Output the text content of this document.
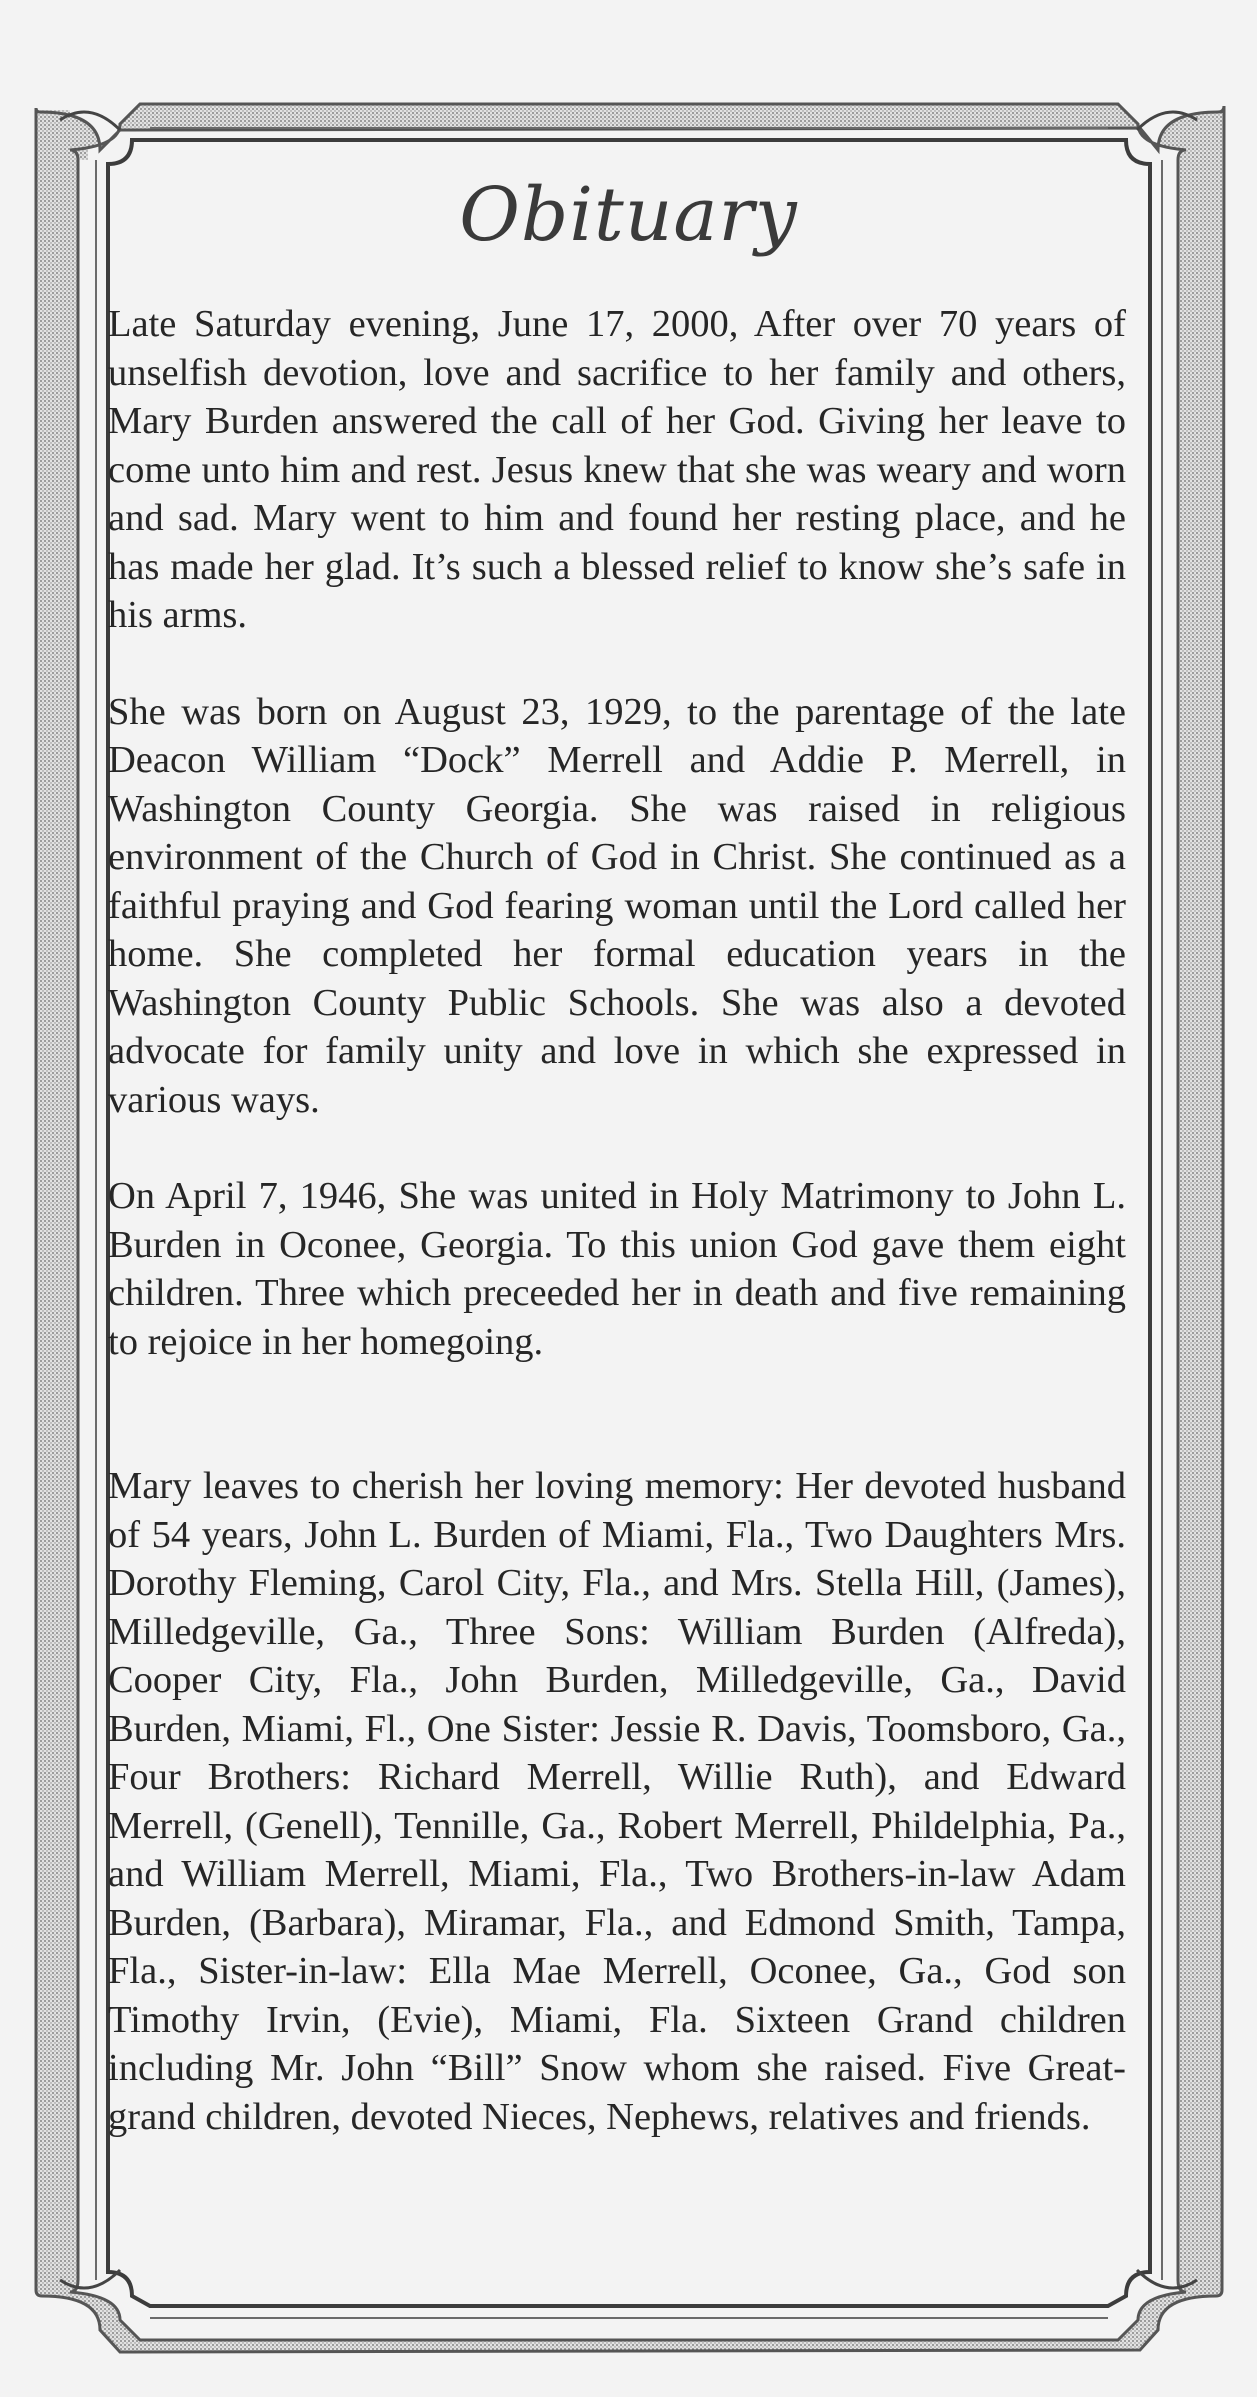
Obituary

Late Saturday evening, June 17, 2000, After over 70 years of unselfish devotion, love and sacrifice to her family and others, Mary Burden answered the call of her God. Giving her leave to come unto him and rest. Jesus knew that she was weary and worn and sad. Mary went to him and found her resting place, and he has made her glad. It’s such a blessed relief to know she’s safe in his arms.

She was born on August 23, 1929, to the parentage of the late Deacon William “Dock” Merrell and Addie P. Merrell, in Washington County Georgia. She was raised in religious environment of the Church of God in Christ. She continued as a faithful praying and God fearing woman until the Lord called her home. She completed her formal education years in the Washington County Public Schools. She was also a devoted advocate for family unity and love in which she expressed in various ways.

On April 7, 1946, She was united in Holy Matrimony to John L. Burden in Oconee, Georgia. To this union God gave them eight children. Three which preceeded her in death and five remaining to rejoice in her homegoing.

Mary leaves to cherish her loving memory: Her devoted husband of 54 years, John L. Burden of Miami, Fla., Two Daughters Mrs. Dorothy Fleming, Carol City, Fla., and Mrs. Stella Hill, (James), Milledgeville, Ga., Three Sons: William Burden (Alfreda), Cooper City, Fla., John Burden, Milledgeville, Ga., David Burden, Miami, Fl., One Sister: Jessie R. Davis, Toomsboro, Ga., Four Brothers: Richard Merrell, Willie Ruth), and Edward Merrell, (Genell), Tennille, Ga., Robert Merrell, Phildelphia, Pa., and William Merrell, Miami, Fla., Two Brothers-in-law Adam Burden, (Barbara), Miramar, Fla., and Edmond Smith, Tampa, Fla., Sister-in-law: Ella Mae Merrell, Oconee, Ga., God son Timothy Irvin, (Evie), Miami, Fla. Sixteen Grand children including Mr. John “Bill” Snow whom she raised. Five Great-grand children, devoted Nieces, Nephews, relatives and friends.
